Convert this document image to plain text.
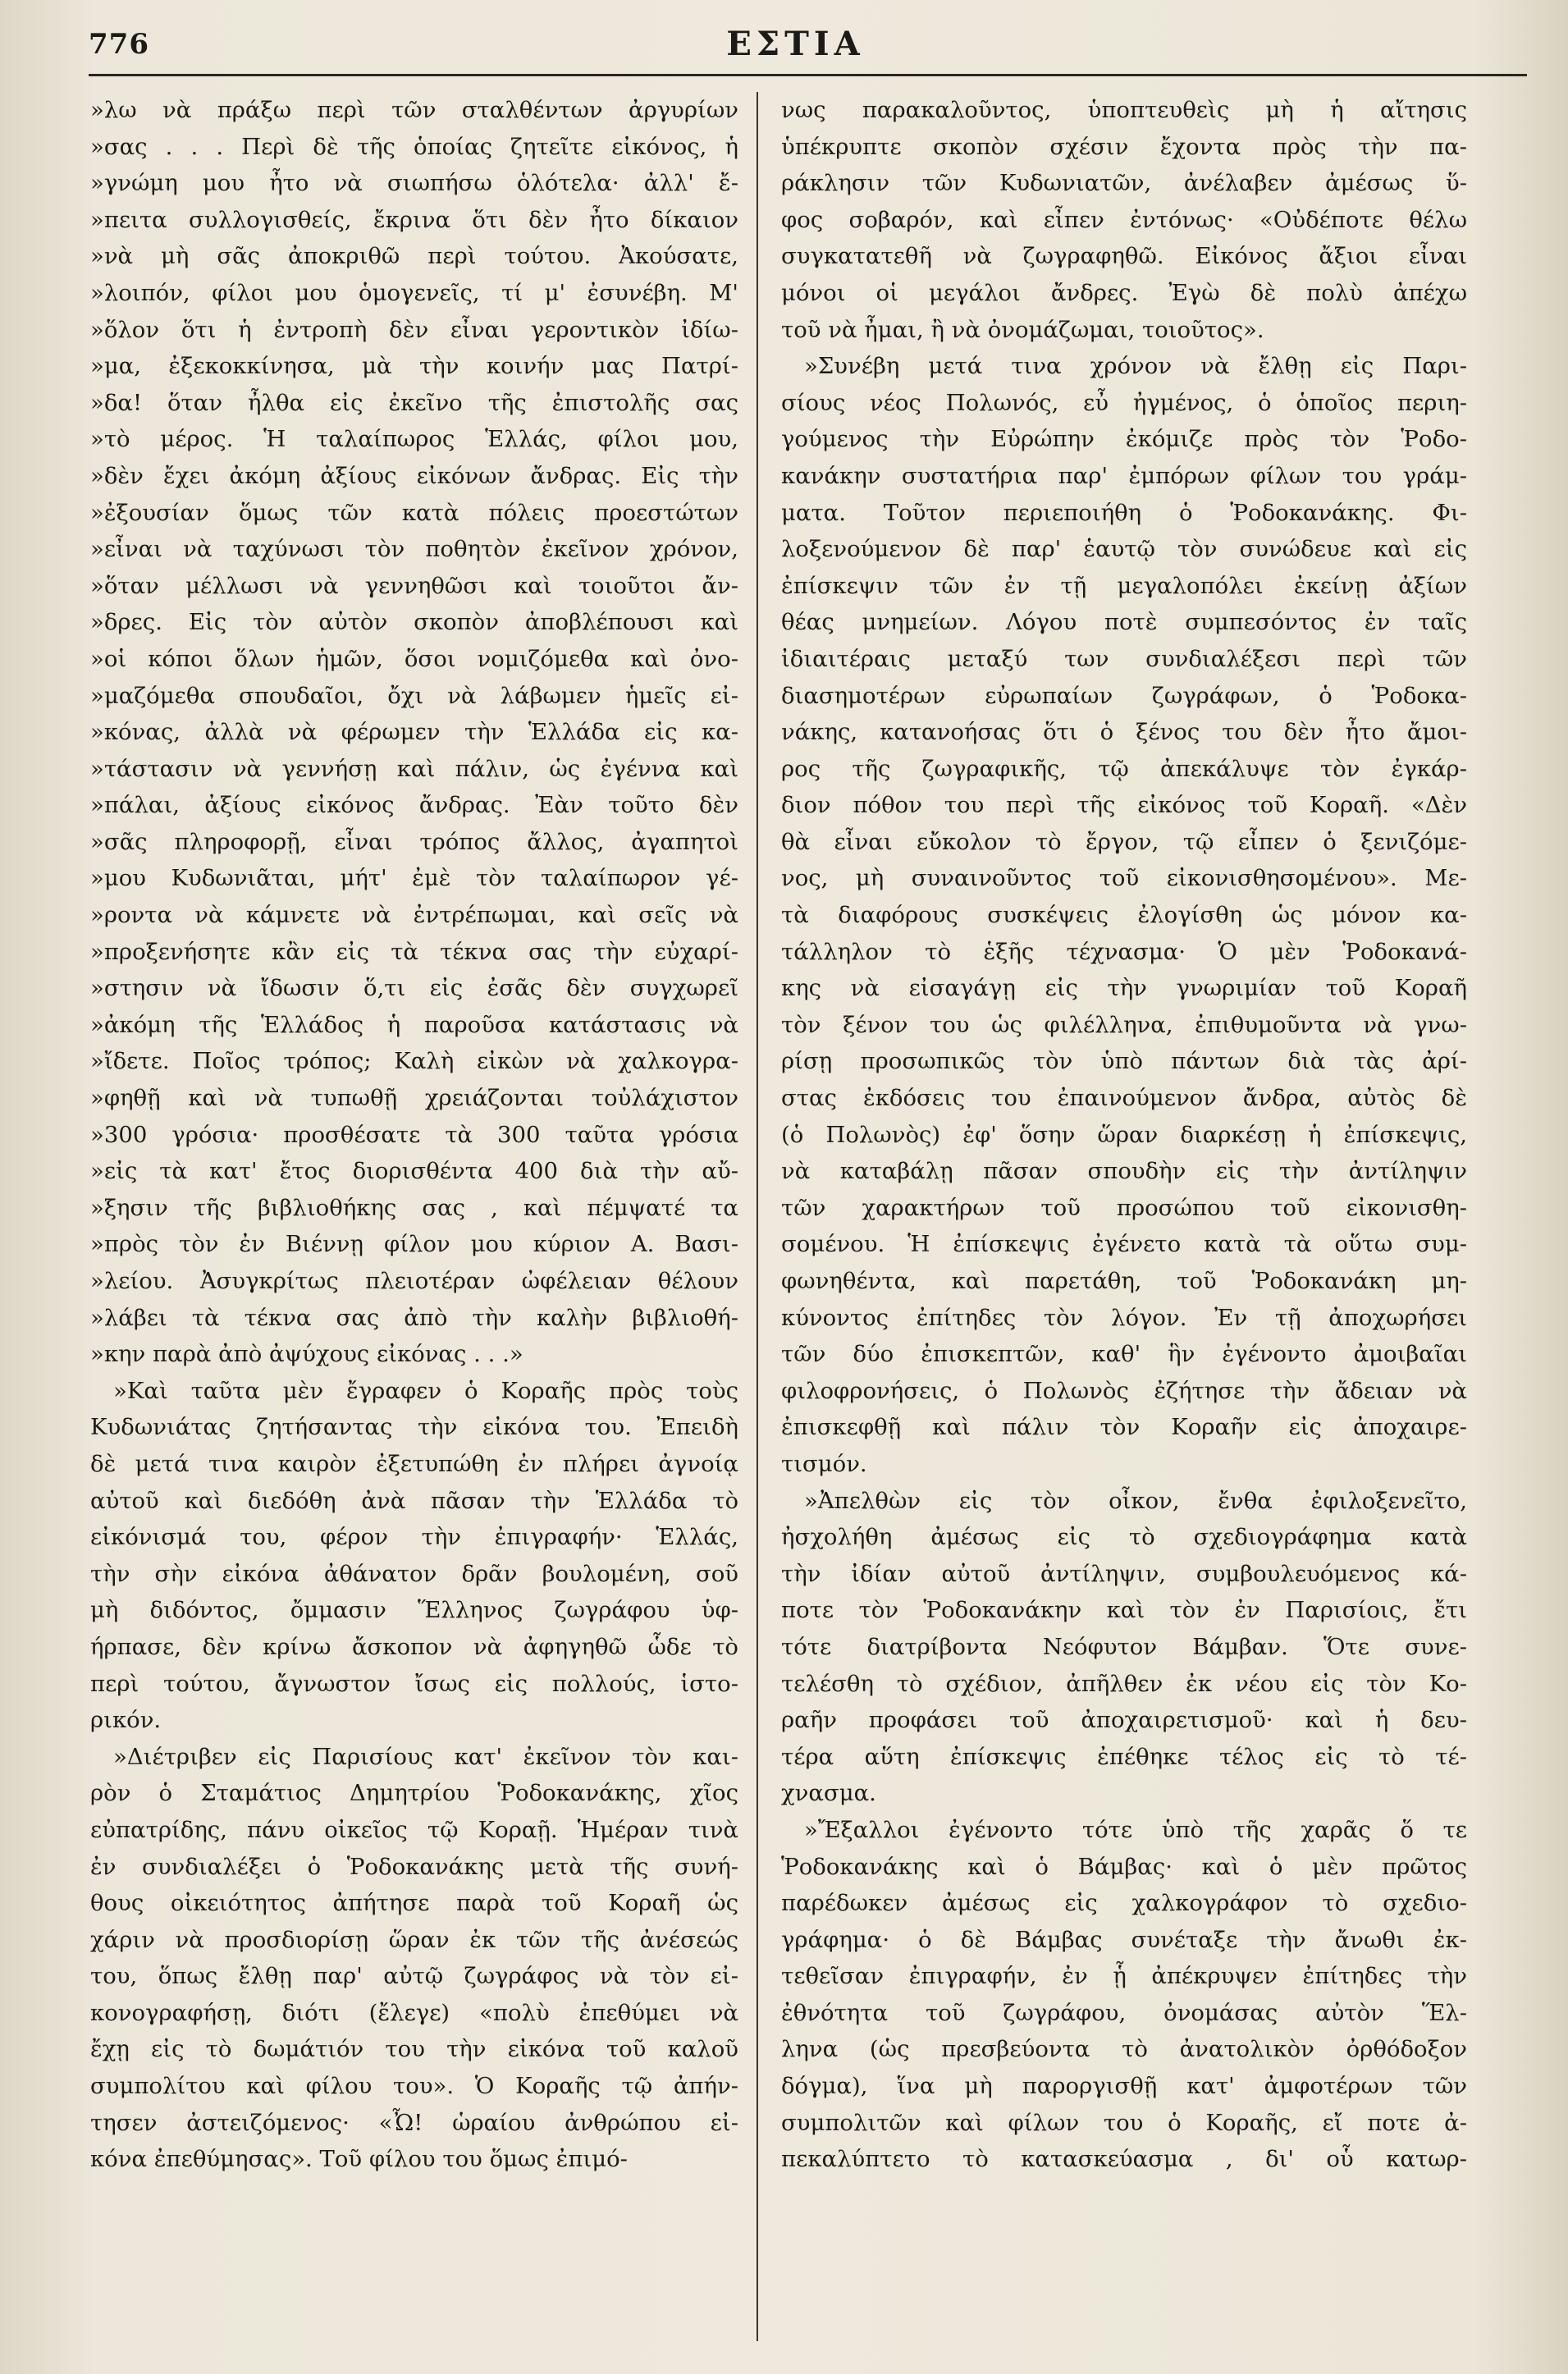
776	ΕΣΤΙΑ
»λω νὰ πράξω περὶ τῶν σταλθέντων ἀργυρίων
»σας . . . Περὶ δὲ τῆς ὁποίας ζητεῖτε εἰκόνος, ἡ
»γνώμη μου ἦτο νὰ σιωπήσω ὁλότελα· ἀλλ' ἔ-
»πειτα συλλογισθείς, ἔκρινα ὅτι δὲν ἦτο δίκαιον
»νὰ μὴ σᾶς ἀποκριθῶ περὶ τούτου. Ἀκούσατε,
»λοιπόν, φίλοι μου ὁμογενεῖς, τί μ' ἐσυνέβη. Μ'
»ὅλον ὅτι ἡ ἐντροπὴ δὲν εἶναι γεροντικὸν ἰδίω-
»μα, ἐξεκοκκίνησα, μὰ τὴν κοινήν μας Πατρί-
»δα! ὅταν ἦλθα εἰς ἐκεῖνο τῆς ἐπιστολῆς σας
»τὸ μέρος. Ἡ ταλαίπωρος Ἑλλάς, φίλοι μου,
»δὲν ἔχει ἀκόμη ἀξίους εἰκόνων ἄνδρας. Εἰς τὴν
»ἐξουσίαν ὅμως τῶν κατὰ πόλεις προεστώτων
»εἶναι νὰ ταχύνωσι τὸν ποθητὸν ἐκεῖνον χρόνον,
»ὅταν μέλλωσι νὰ γεννηθῶσι καὶ τοιοῦτοι ἄν-
»δρες. Εἰς τὸν αὐτὸν σκοπὸν ἀποβλέπουσι καὶ
»οἱ κόποι ὅλων ἡμῶν, ὅσοι νομιζόμεθα καὶ ὀνο-
»μαζόμεθα σπουδαῖοι, ὄχι νὰ λάβωμεν ἡμεῖς εἰ-
»κόνας, ἀλλὰ νὰ φέρωμεν τὴν Ἑλλάδα εἰς κα-
»τάστασιν νὰ γεννήσῃ καὶ πάλιν, ὡς ἐγέννα καὶ
»πάλαι, ἀξίους εἰκόνος ἄνδρας. Ἐὰν τοῦτο δὲν
»σᾶς πληροφορῇ, εἶναι τρόπος ἄλλος, ἀγαπητοὶ
»μου Κυδωνιᾶται, μήτ' ἐμὲ τὸν ταλαίπωρον γέ-
»ροντα νὰ κάμνετε νὰ ἐντρέπωμαι, καὶ σεῖς νὰ
»προξενήσητε κἂν εἰς τὰ τέκνα σας τὴν εὐχαρί-
»στησιν νὰ ἴδωσιν ὅ,τι εἰς ἐσᾶς δὲν συγχωρεῖ
»ἀκόμη τῆς Ἑλλάδος ἡ παροῦσα κατάστασις νὰ
»ἴδετε. Ποῖος τρόπος; Καλὴ εἰκὼν νὰ χαλκογρα-
»φηθῇ καὶ νὰ τυπωθῇ χρειάζονται τοὐλάχιστον
»300 γρόσια· προσθέσατε τὰ 300 ταῦτα γρόσια
»εἰς τὰ κατ' ἔτος διορισθέντα 400 διὰ τὴν αὔ-
»ξησιν τῆς βιβλιοθήκης σας , καὶ πέμψατέ τα
»πρὸς τὸν ἐν Βιέννῃ φίλον μου κύριον Α. Βασι-
»λείου. Ἀσυγκρίτως πλειοτέραν ὠφέλειαν θέλουν
»λάβει τὰ τέκνα σας ἀπὸ τὴν καλὴν βιβλιοθή-
»κην παρὰ ἀπὸ ἀψύχους εἰκόνας . . .»
»Καὶ ταῦτα μὲν ἔγραφεν ὁ Κοραῆς πρὸς τοὺς
Κυδωνιάτας ζητήσαντας τὴν εἰκόνα του. Ἐπειδὴ
δὲ μετά τινα καιρὸν ἐξετυπώθη ἐν πλήρει ἀγνοίᾳ
αὐτοῦ καὶ διεδόθη ἀνὰ πᾶσαν τὴν Ἑλλάδα τὸ
εἰκόνισμά του, φέρον τὴν ἐπιγραφήν· Ἑλλάς,
τὴν σὴν εἰκόνα ἀθάνατον δρᾶν βουλομένη, σοῦ
μὴ διδόντος, ὄμμασιν Ἕλληνος ζωγράφου ὑφ-
ήρπασε, δὲν κρίνω ἄσκοπον νὰ ἀφηγηθῶ ὧδε τὸ
περὶ τούτου, ἄγνωστον ἴσως εἰς πολλούς, ἱστο-
ρικόν.
»Διέτριβεν εἰς Παρισίους κατ' ἐκεῖνον τὸν και-
ρὸν ὁ Σταμάτιος Δημητρίου Ῥοδοκανάκης, χῖος
εὐπατρίδης, πάνυ οἰκεῖος τῷ Κοραῇ. Ἡμέραν τινὰ
ἐν συνδιαλέξει ὁ Ῥοδοκανάκης μετὰ τῆς συνή-
θους οἰκειότητος ἀπήτησε παρὰ τοῦ Κοραῆ ὡς
χάριν νὰ προσδιορίσῃ ὥραν ἐκ τῶν τῆς ἀνέσεώς
του, ὅπως ἔλθῃ παρ' αὐτῷ ζωγράφος νὰ τὸν εἰ-
κονογραφήσῃ, διότι (ἔλεγε) «πολὺ ἐπεθύμει νὰ
ἔχῃ εἰς τὸ δωμάτιόν του τὴν εἰκόνα τοῦ καλοῦ
συμπολίτου καὶ φίλου του». Ὁ Κοραῆς τῷ ἀπήν-
τησεν ἀστειζόμενος· «Ὦ! ὡραίου ἀνθρώπου εἰ-
κόνα ἐπεθύμησας». Τοῦ φίλου του ὅμως ἐπιμό-
νως παρακαλοῦντος, ὑποπτευθεὶς μὴ ἡ αἴτησις
ὑπέκρυπτε σκοπὸν σχέσιν ἔχοντα πρὸς τὴν πα-
ράκλησιν τῶν Κυδωνιατῶν, ἀνέλαβεν ἀμέσως ὕ-
φος σοβαρόν, καὶ εἶπεν ἐντόνως· «Οὐδέποτε θέλω
συγκατατεθῆ νὰ ζωγραφηθῶ. Εἰκόνος ἄξιοι εἶναι
μόνοι οἱ μεγάλοι ἄνδρες. Ἐγὼ δὲ πολὺ ἀπέχω
τοῦ νὰ ἦμαι, ἢ νὰ ὀνομάζωμαι, τοιοῦτος».
»Συνέβη μετά τινα χρόνον νὰ ἔλθῃ εἰς Παρι-
σίους νέος Πολωνός, εὖ ἠγμένος, ὁ ὁποῖος περιη-
γούμενος τὴν Εὐρώπην ἐκόμιζε πρὸς τὸν Ῥοδο-
κανάκην συστατήρια παρ' ἐμπόρων φίλων του γράμ-
ματα. Τοῦτον περιεποιήθη ὁ Ῥοδοκανάκης. Φι-
λοξενούμενον δὲ παρ' ἑαυτῷ τὸν συνώδευε καὶ εἰς
ἐπίσκεψιν τῶν ἐν τῇ μεγαλοπόλει ἐκείνῃ ἀξίων
θέας μνημείων. Λόγου ποτὲ συμπεσόντος ἐν ταῖς
ἰδιαιτέραις μεταξύ των συνδιαλέξεσι περὶ τῶν
διασημοτέρων εὐρωπαίων ζωγράφων, ὁ Ῥοδοκα-
νάκης, κατανοήσας ὅτι ὁ ξένος του δὲν ἦτο ἄμοι-
ρος τῆς ζωγραφικῆς, τῷ ἀπεκάλυψε τὸν ἐγκάρ-
διον πόθον του περὶ τῆς εἰκόνος τοῦ Κοραῆ. «Δὲν
θὰ εἶναι εὔκολον τὸ ἔργον, τῷ εἶπεν ὁ ξενιζόμε-
νος, μὴ συναινοῦντος τοῦ εἰκονισθησομένου». Με-
τὰ διαφόρους συσκέψεις ἐλογίσθη ὡς μόνον κα-
τάλληλον τὸ ἑξῆς τέχνασμα· Ὁ μὲν Ῥοδοκανά-
κης νὰ εἰσαγάγῃ εἰς τὴν γνωριμίαν τοῦ Κοραῆ
τὸν ξένον του ὡς φιλέλληνα, ἐπιθυμοῦντα νὰ γνω-
ρίσῃ προσωπικῶς τὸν ὑπὸ πάντων διὰ τὰς ἀρί-
στας ἐκδόσεις του ἐπαινούμενον ἄνδρα, αὐτὸς δὲ
(ὁ Πολωνὸς) ἐφ' ὅσην ὥραν διαρκέσῃ ἡ ἐπίσκεψις,
νὰ καταβάλῃ πᾶσαν σπουδὴν εἰς τὴν ἀντίληψιν
τῶν χαρακτήρων τοῦ προσώπου τοῦ εἰκονισθη-
σομένου. Ἡ ἐπίσκεψις ἐγένετο κατὰ τὰ οὕτω συμ-
φωνηθέντα, καὶ παρετάθη, τοῦ Ῥοδοκανάκη μη-
κύνοντος ἐπίτηδες τὸν λόγον. Ἐν τῇ ἀποχωρήσει
τῶν δύο ἐπισκεπτῶν, καθ' ἣν ἐγένοντο ἀμοιβαῖαι
φιλοφρονήσεις, ὁ Πολωνὸς ἐζήτησε τὴν ἄδειαν νὰ
ἐπισκεφθῇ καὶ πάλιν τὸν Κοραῆν εἰς ἀποχαιρε-
τισμόν.
»Ἀπελθὼν εἰς τὸν οἶκον, ἔνθα ἐφιλοξενεῖτο,
ἠσχολήθη ἀμέσως εἰς τὸ σχεδιογράφημα κατὰ
τὴν ἰδίαν αὐτοῦ ἀντίληψιν, συμβουλευόμενος κά-
ποτε τὸν Ῥοδοκανάκην καὶ τὸν ἐν Παρισίοις, ἔτι
τότε διατρίβοντα Νεόφυτον Βάμβαν. Ὅτε συνε-
τελέσθη τὸ σχέδιον, ἀπῆλθεν ἐκ νέου εἰς τὸν Κο-
ραῆν προφάσει τοῦ ἀποχαιρετισμοῦ· καὶ ἡ δευ-
τέρα αὕτη ἐπίσκεψις ἐπέθηκε τέλος εἰς τὸ τέ-
χνασμα.
»Ἔξαλλοι ἐγένοντο τότε ὑπὸ τῆς χαρᾶς ὅ τε
Ῥοδοκανάκης καὶ ὁ Βάμβας· καὶ ὁ μὲν πρῶτος
παρέδωκεν ἀμέσως εἰς χαλκογράφον τὸ σχεδιο-
γράφημα· ὁ δὲ Βάμβας συνέταξε τὴν ἄνωθι ἐκ-
τεθεῖσαν ἐπιγραφήν, ἐν ᾗ ἀπέκρυψεν ἐπίτηδες τὴν
ἐθνότητα τοῦ ζωγράφου, ὀνομάσας αὐτὸν Ἕλ-
ληνα (ὡς πρεσβεύοντα τὸ ἀνατολικὸν ὀρθόδοξον
δόγμα), ἵνα μὴ παροργισθῇ κατ' ἀμφοτέρων τῶν
συμπολιτῶν καὶ φίλων του ὁ Κοραῆς, εἴ ποτε ἀ-
πεκαλύπτετο τὸ κατασκεύασμα , δι' οὗ κατωρ-
